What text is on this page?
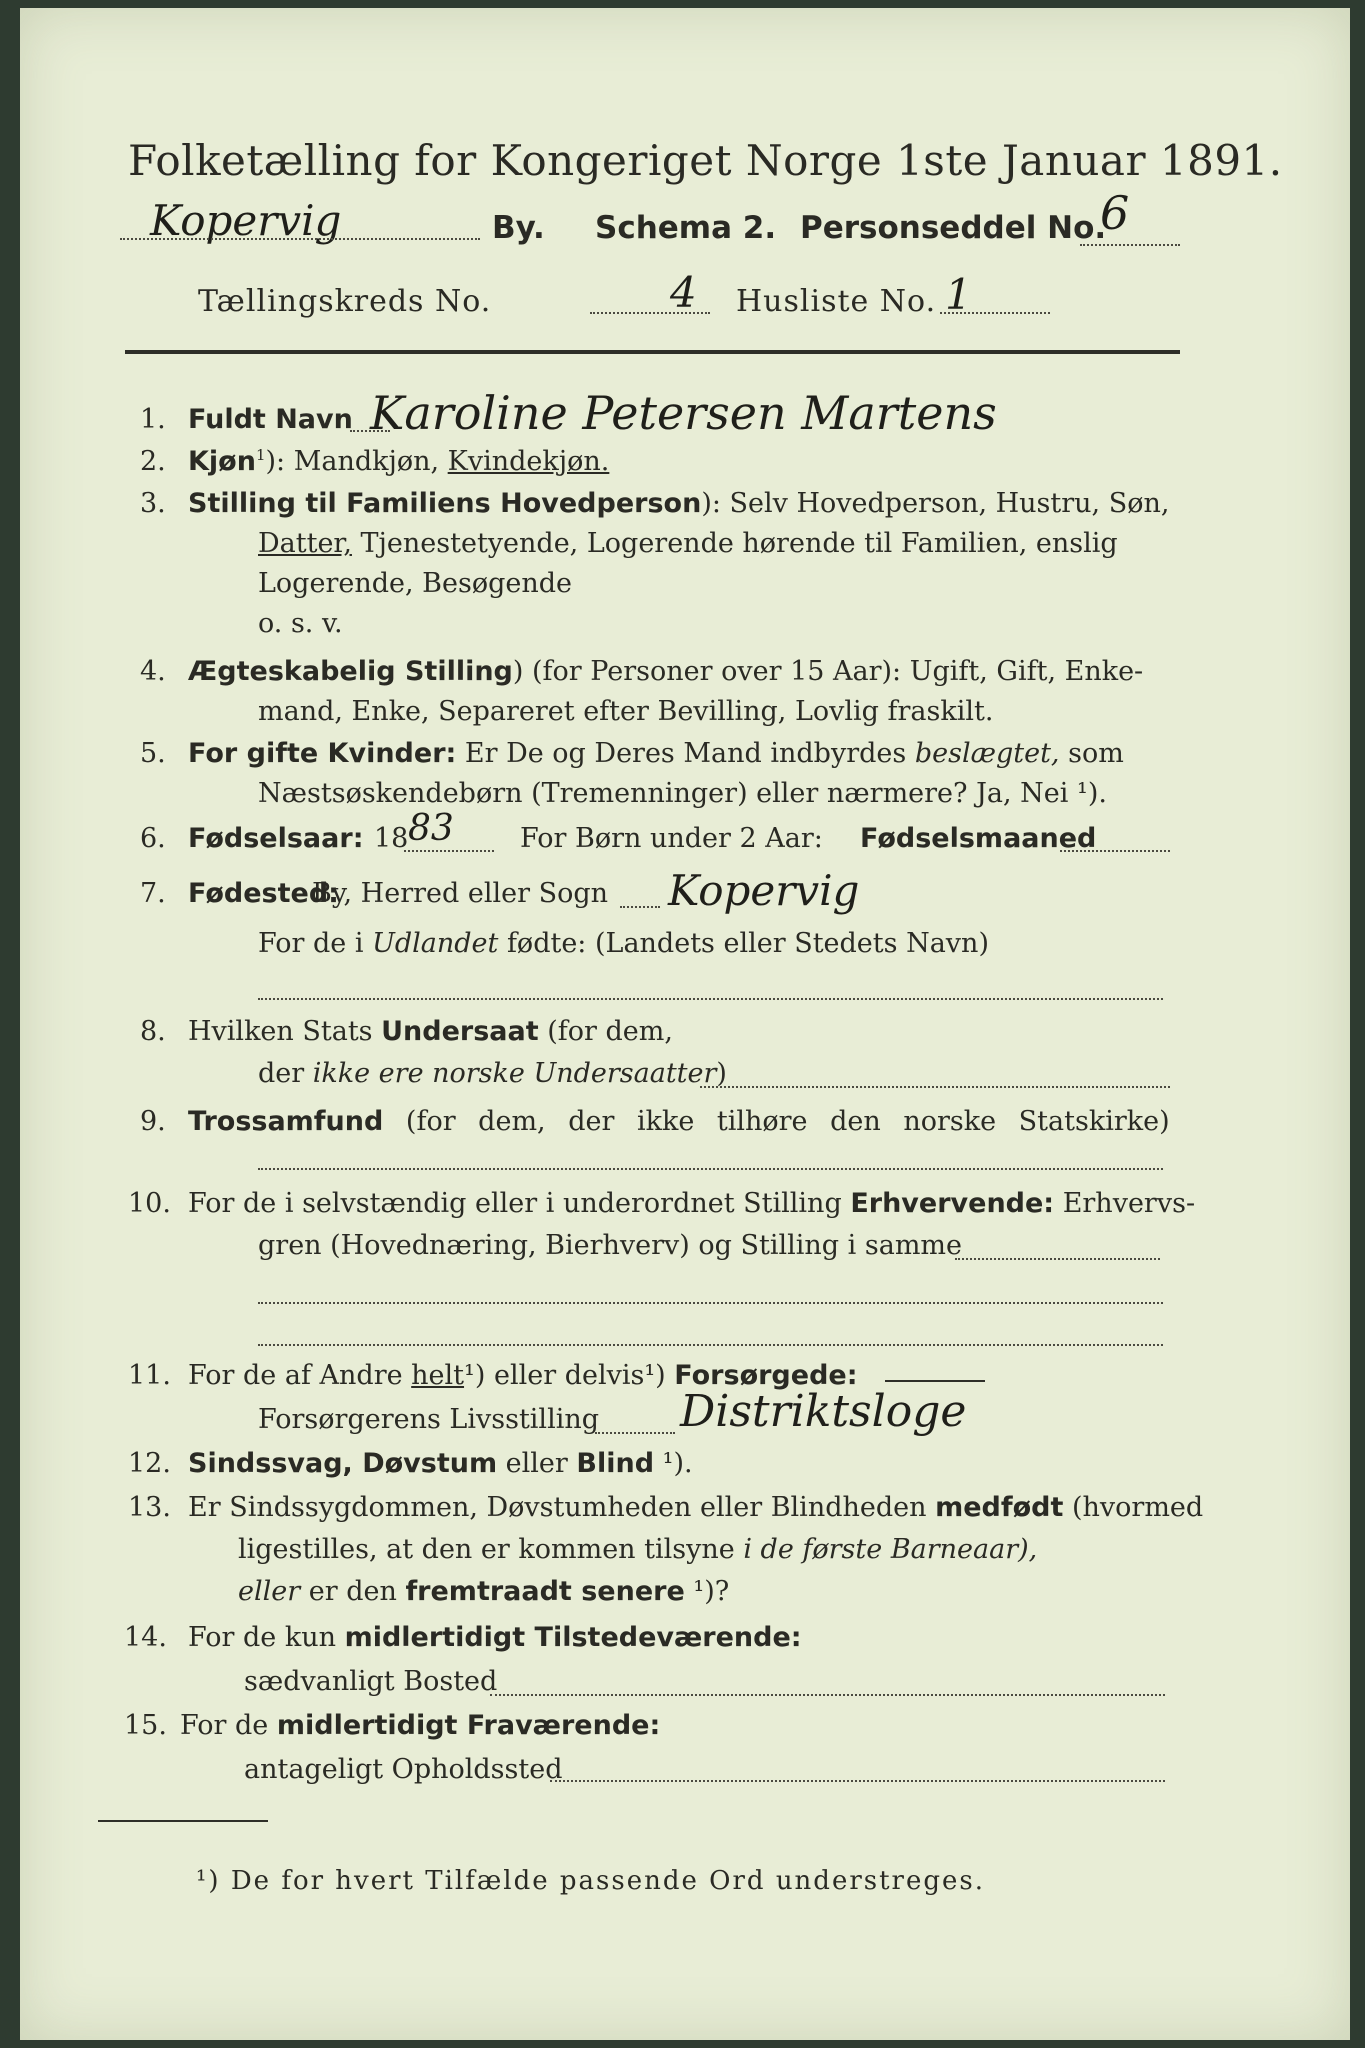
Folketælling for Kongeriget Norge 1ste Januar 1891.
Kopervig	By. Schema 2. Personseddel No.
6
Tællingskreds No.	4 Husliste No. 1
1. Fuldt Navn Karoline Petersen Martens
2. Kjøn$^1$): Mandkjøn, Kvindekjøn.
3. Stilling til Familiens Hovedperson): Selv Hovedperson, Hustru, Søn,
Datter, Tjenestetyende, Logerende hørende til Familien, enslig
Logerende, Besøgende
o. s. v.
4. Ægteskabelig Stilling) (for Personer over 15 Aar): Ugift, Gift, Enke-
mand, Enke, Separeret efter Bevilling, Lovlig fraskilt.
5. For gifte Kvinder: Er De og Deres Mand indbyrdes beslægtet, som
Næstsøskendebørn (Tremenninger) eller nærmere? Ja, Nei ¹).
6. Fødselsaar: 18 83 For Børn under 2 Aar: Fødselsmaaned
7. Fødested:
By, Herred eller Sogn Kopervig
For de i Udlandet fødte: (Landets eller Stedets Navn)
8. Hvilken Stats Undersaat (for dem,
der ikke ere norske Undersaatter)
9. Trossamfund (for dem, der ikke tilhøre den norske Statskirke)
10. For de i selvstændig eller i underordnet Stilling Erhvervende: Erhvervs-
gren (Hovednæring, Bierhverv) og Stilling i samme
11. For de af Andre helt¹) eller delvis¹) Forsørgede:
Forsørgerens Livsstilling Distriktsloge
12. Sindssvag, Døvstum eller Blind ¹).
13. Er Sindssygdommen, Døvstumheden eller Blindheden medfødt (hvormed
ligestilles, at den er kommen tilsyne i de første Barneaar),
eller er den fremtraadt senere ¹)?
14. For de kun midlertidigt Tilstedeværende:
sædvanligt Bosted
15. For de midlertidigt Fraværende:
antageligt Opholdssted
¹) De for hvert Tilfælde passende Ord understreges.
